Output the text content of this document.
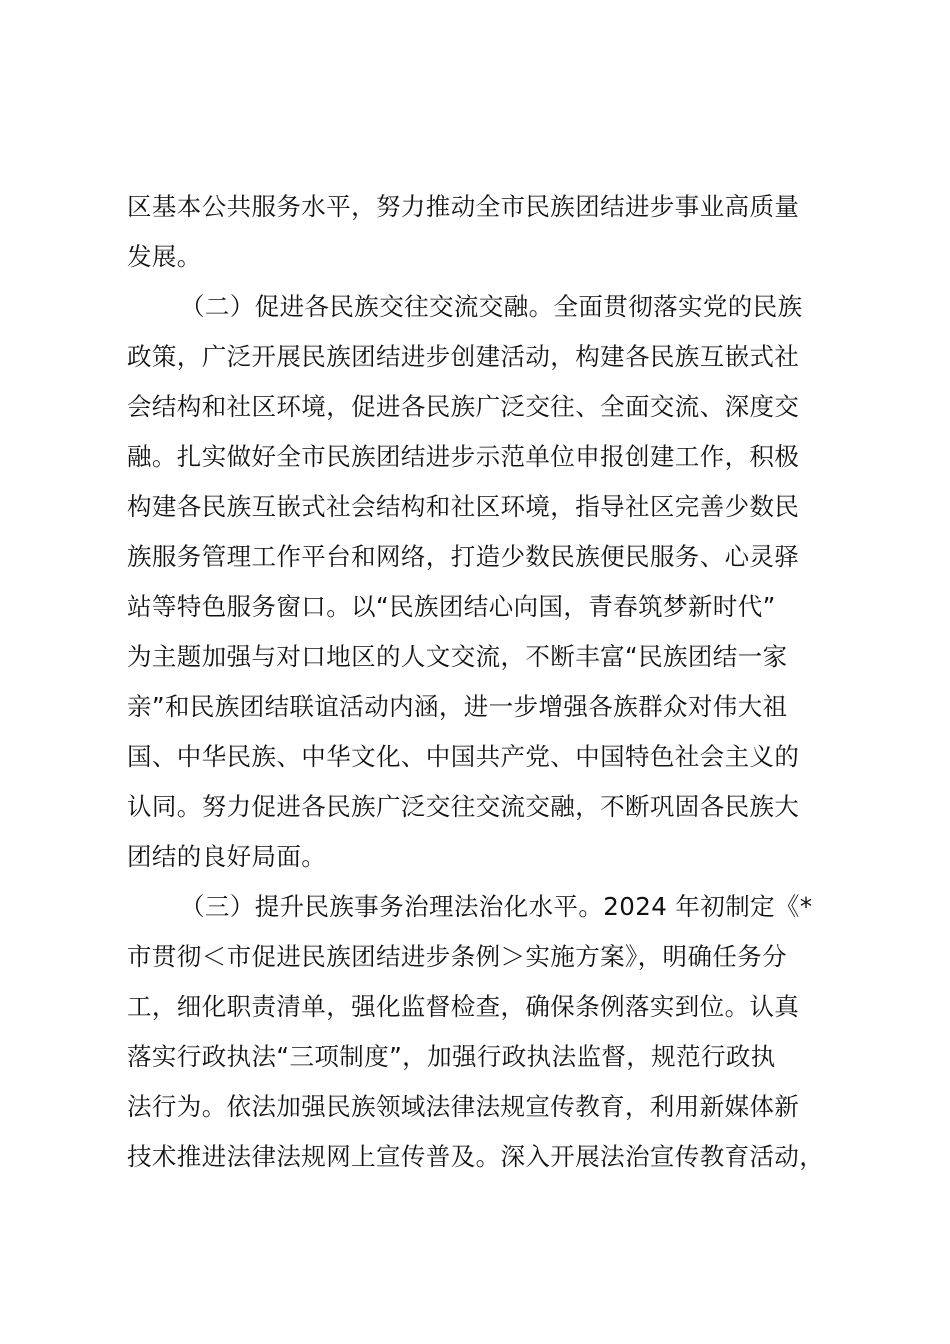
区基本公共服务水平，努力推动全市民族团结进步事业高质量
发展。
（二）促进各民族交往交流交融。全面贯彻落实党的民族
政策，广泛开展民族团结进步创建活动，构建各民族互嵌式社
会结构和社区环境，促进各民族广泛交往、全面交流、深度交
融。扎实做好全市民族团结进步示范单位申报创建工作，积极
构建各民族互嵌式社会结构和社区环境，指导社区完善少数民
族服务管理工作平台和网络，打造少数民族便民服务、心灵驿
站等特色服务窗口。以“民族团结心向国，青春筑梦新时代”
为主题加强与对口地区的人文交流，不断丰富“民族团结一家
亲”和民族团结联谊活动内涵，进一步增强各族群众对伟大祖
国、中华民族、中华文化、中国共产党、中国特色社会主义的
认同。努力促进各民族广泛交往交流交融，不断巩固各民族大
团结的良好局面。
（三）提升民族事务治理法治化水平。2024 年初制定《*
市贯彻＜市促进民族团结进步条例＞实施方案》，明确任务分
工，细化职责清单，强化监督检查，确保条例落实到位。认真
落实行政执法“三项制度”，加强行政执法监督，规范行政执
法行为。依法加强民族领域法律法规宣传教育，利用新媒体新
技术推进法律法规网上宣传普及。深入开展法治宣传教育活动，
